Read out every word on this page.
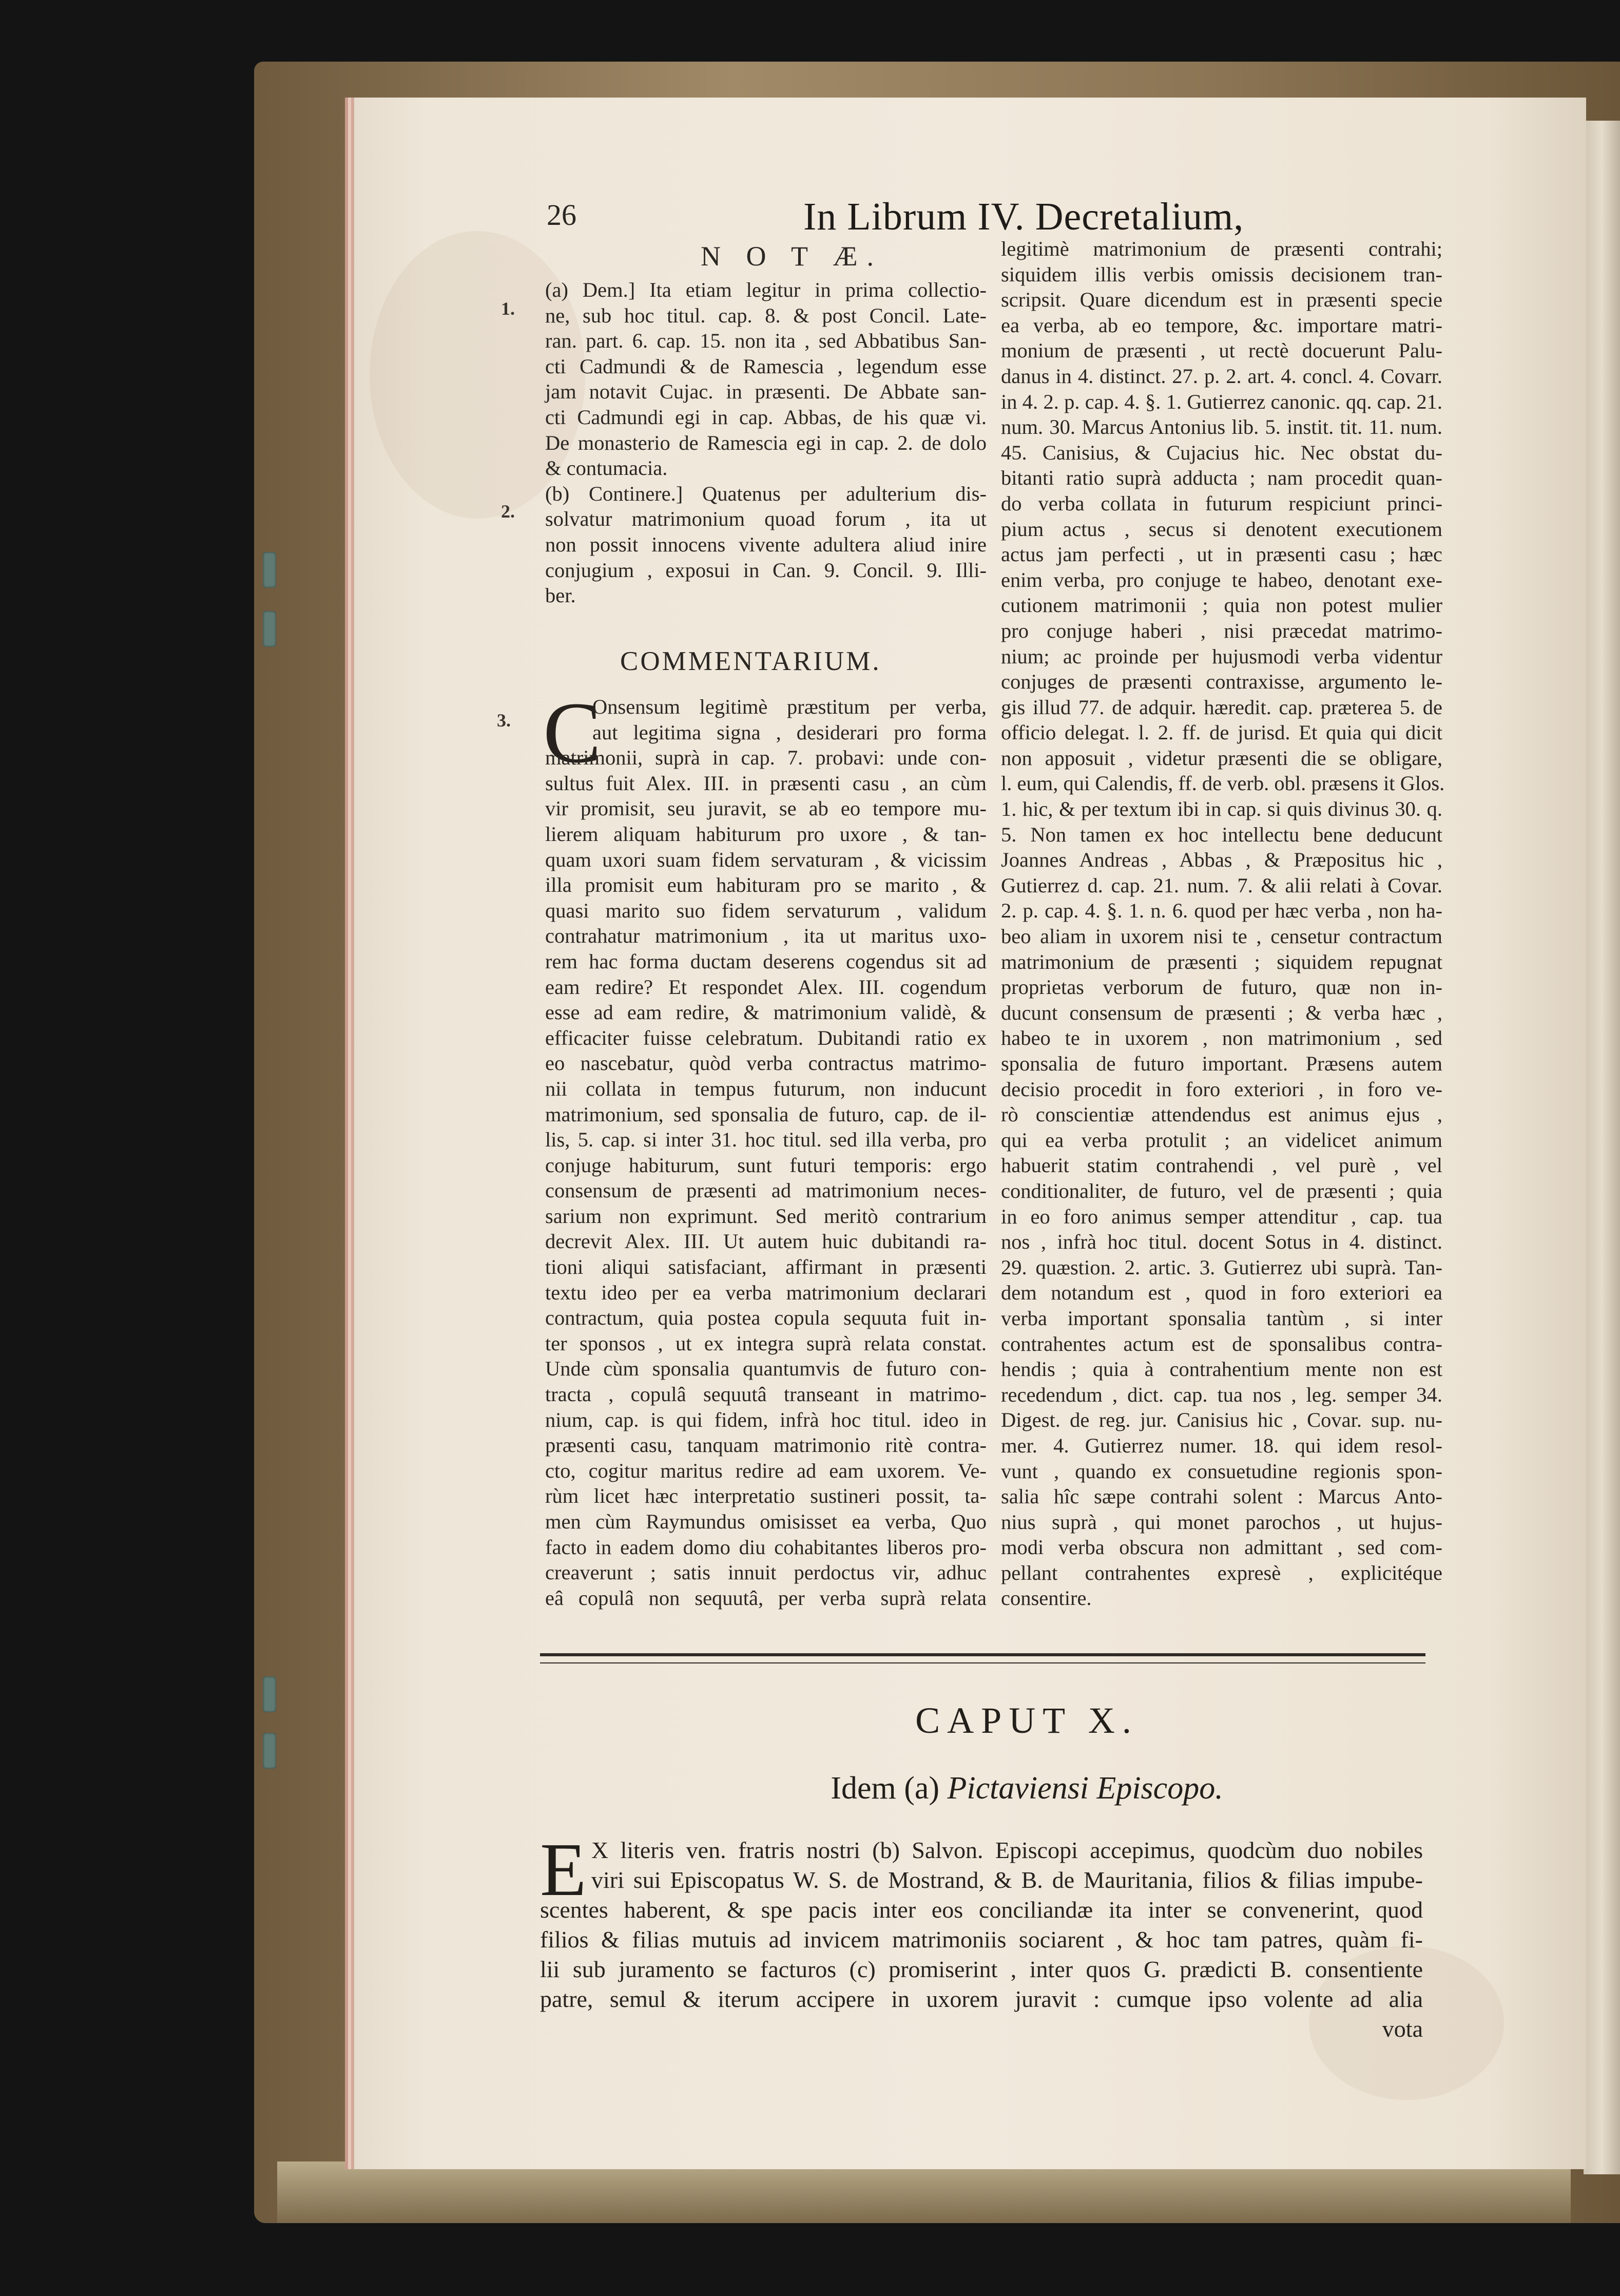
26	In Librum IV. Decretalium,
N O T Æ.
1.
2.
(a) Dem.] Ita etiam legitur in prima collectio-
ne, sub hoc titul. cap. 8. & post Concil. Late-
ran. part. 6. cap. 15. non ita , sed Abbatibus San-
cti Cadmundi & de Ramescia , legendum esse
jam notavit Cujac. in præsenti. De Abbate san-
cti Cadmundi egi in cap. Abbas, de his quæ vi.
De monasterio de Ramescia egi in cap. 2. de dolo
& contumacia.
(b) Continere.] Quatenus per adulterium dis-
solvatur matrimonium quoad forum , ita ut
non possit innocens vivente adultera aliud inire
conjugium , exposui in Can. 9. Concil. 9. Illi-
ber.
COMMENTARIUM.
3. C
Onsensum legitimè præstitum per verba,
aut legitima signa , desiderari pro forma
matrimonii, suprà in cap. 7. probavi: unde con-
sultus fuit Alex. III. in præsenti casu , an cùm
vir promisit, seu juravit, se ab eo tempore mu-
lierem aliquam habiturum pro uxore , & tan-
quam uxori suam fidem servaturam , & vicissim
illa promisit eum habituram pro se marito , &
quasi marito suo fidem servaturum , validum
contrahatur matrimonium , ita ut maritus uxo-
rem hac forma ductam deserens cogendus sit ad
eam redire? Et respondet Alex. III. cogendum
esse ad eam redire, & matrimonium validè, &
efficaciter fuisse celebratum. Dubitandi ratio ex
eo nascebatur, quòd verba contractus matrimo-
nii collata in tempus futurum, non inducunt
matrimonium, sed sponsalia de futuro, cap. de il-
lis, 5. cap. si inter 31. hoc titul. sed illa verba, pro
conjuge habiturum, sunt futuri temporis: ergo
consensum de præsenti ad matrimonium neces-
sarium non exprimunt. Sed meritò contrarium
decrevit Alex. III. Ut autem huic dubitandi ra-
tioni aliqui satisfaciant, affirmant in præsenti
textu ideo per ea verba matrimonium declarari
contractum, quia postea copula sequuta fuit in-
ter sponsos , ut ex integra suprà relata constat.
Unde cùm sponsalia quantumvis de futuro con-
tracta , copulâ sequutâ transeant in matrimo-
nium, cap. is qui fidem, infrà hoc titul. ideo in
præsenti casu, tanquam matrimonio ritè contra-
cto, cogitur maritus redire ad eam uxorem. Ve-
rùm licet hæc interpretatio sustineri possit, ta-
men cùm Raymundus omisisset ea verba, Quo
facto in eadem domo diu cohabitantes liberos pro-
creaverunt ; satis innuit perdoctus vir, adhuc
eâ copulâ non sequutâ, per verba suprà relata
legitimè matrimonium de præsenti contrahi;
siquidem illis verbis omissis decisionem tran-
scripsit. Quare dicendum est in præsenti specie
ea verba, ab eo tempore, &c. importare matri-
monium de præsenti , ut rectè docuerunt Palu-
danus in 4. distinct. 27. p. 2. art. 4. concl. 4. Covarr.
in 4. 2. p. cap. 4. §. 1. Gutierrez canonic. qq. cap. 21.
num. 30. Marcus Antonius lib. 5. instit. tit. 11. num.
45. Canisius, & Cujacius hic. Nec obstat du-
bitanti ratio suprà adducta ; nam procedit quan-
do verba collata in futurum respiciunt princi-
pium actus , secus si denotent executionem
actus jam perfecti , ut in præsenti casu ; hæc
enim verba, pro conjuge te habeo, denotant exe-
cutionem matrimonii ; quia non potest mulier
pro conjuge haberi , nisi præcedat matrimo-
nium; ac proinde per hujusmodi verba videntur
conjuges de præsenti contraxisse, argumento le-
gis illud 77. de adquir. hæredit. cap. præterea 5. de
officio delegat. l. 2. ff. de jurisd. Et quia qui dicit
non apposuit , videtur præsenti die se obligare,
l. eum, qui Calendis, ff. de verb. obl. præsens it Glos.
1. hic, & per textum ibi in cap. si quis divinus 30. q.
5. Non tamen ex hoc intellectu bene deducunt
Joannes Andreas , Abbas , & Præpositus hic ,
Gutierrez d. cap. 21. num. 7. & alii relati à Covar.
2. p. cap. 4. §. 1. n. 6. quod per hæc verba , non ha-
beo aliam in uxorem nisi te , censetur contractum
matrimonium de præsenti ; siquidem repugnat
proprietas verborum de futuro, quæ non in-
ducunt consensum de præsenti ; & verba hæc ,
habeo te in uxorem , non matrimonium , sed
sponsalia de futuro important. Præsens autem
decisio procedit in foro exteriori , in foro ve-
rò conscientiæ attendendus est animus ejus ,
qui ea verba protulit ; an videlicet animum
habuerit statim contrahendi , vel purè , vel
conditionaliter, de futuro, vel de præsenti ; quia
in eo foro animus semper attenditur , cap. tua
nos , infrà hoc titul. docent Sotus in 4. distinct.
29. quæstion. 2. artic. 3. Gutierrez ubi suprà. Tan-
dem notandum est , quod in foro exteriori ea
verba important sponsalia tantùm , si inter
contrahentes actum est de sponsalibus contra-
hendis ; quia à contrahentium mente non est
recedendum , dict. cap. tua nos , leg. semper 34.
Digest. de reg. jur. Canisius hic , Covar. sup. nu-
mer. 4. Gutierrez numer. 18. qui idem resol-
vunt , quando ex consuetudine regionis spon-
salia hîc sæpe contrahi solent : Marcus Anto-
nius suprà , qui monet parochos , ut hujus-
modi verba obscura non admittant , sed com-
pellant contrahentes expresè , explicitéque
consentire.
CAPUT X.
Idem (a) Pictaviensi Episcopo.
E X literis ven. fratris nostri (b) Salvon. Episcopi accepimus, quodcùm duo nobiles
viri sui Episcopatus W. S. de Mostrand, & B. de Mauritania, filios & filias impube-
scentes haberent, & spe pacis inter eos conciliandæ ita inter se convenerint, quod
filios & filias mutuis ad invicem matrimoniis sociarent , & hoc tam patres, quàm fi-
lii sub juramento se facturos (c) promiserint , inter quos G. prædicti B. consentiente
patre, semul & iterum accipere in uxorem juravit : cumque ipso volente ad alia
vota
